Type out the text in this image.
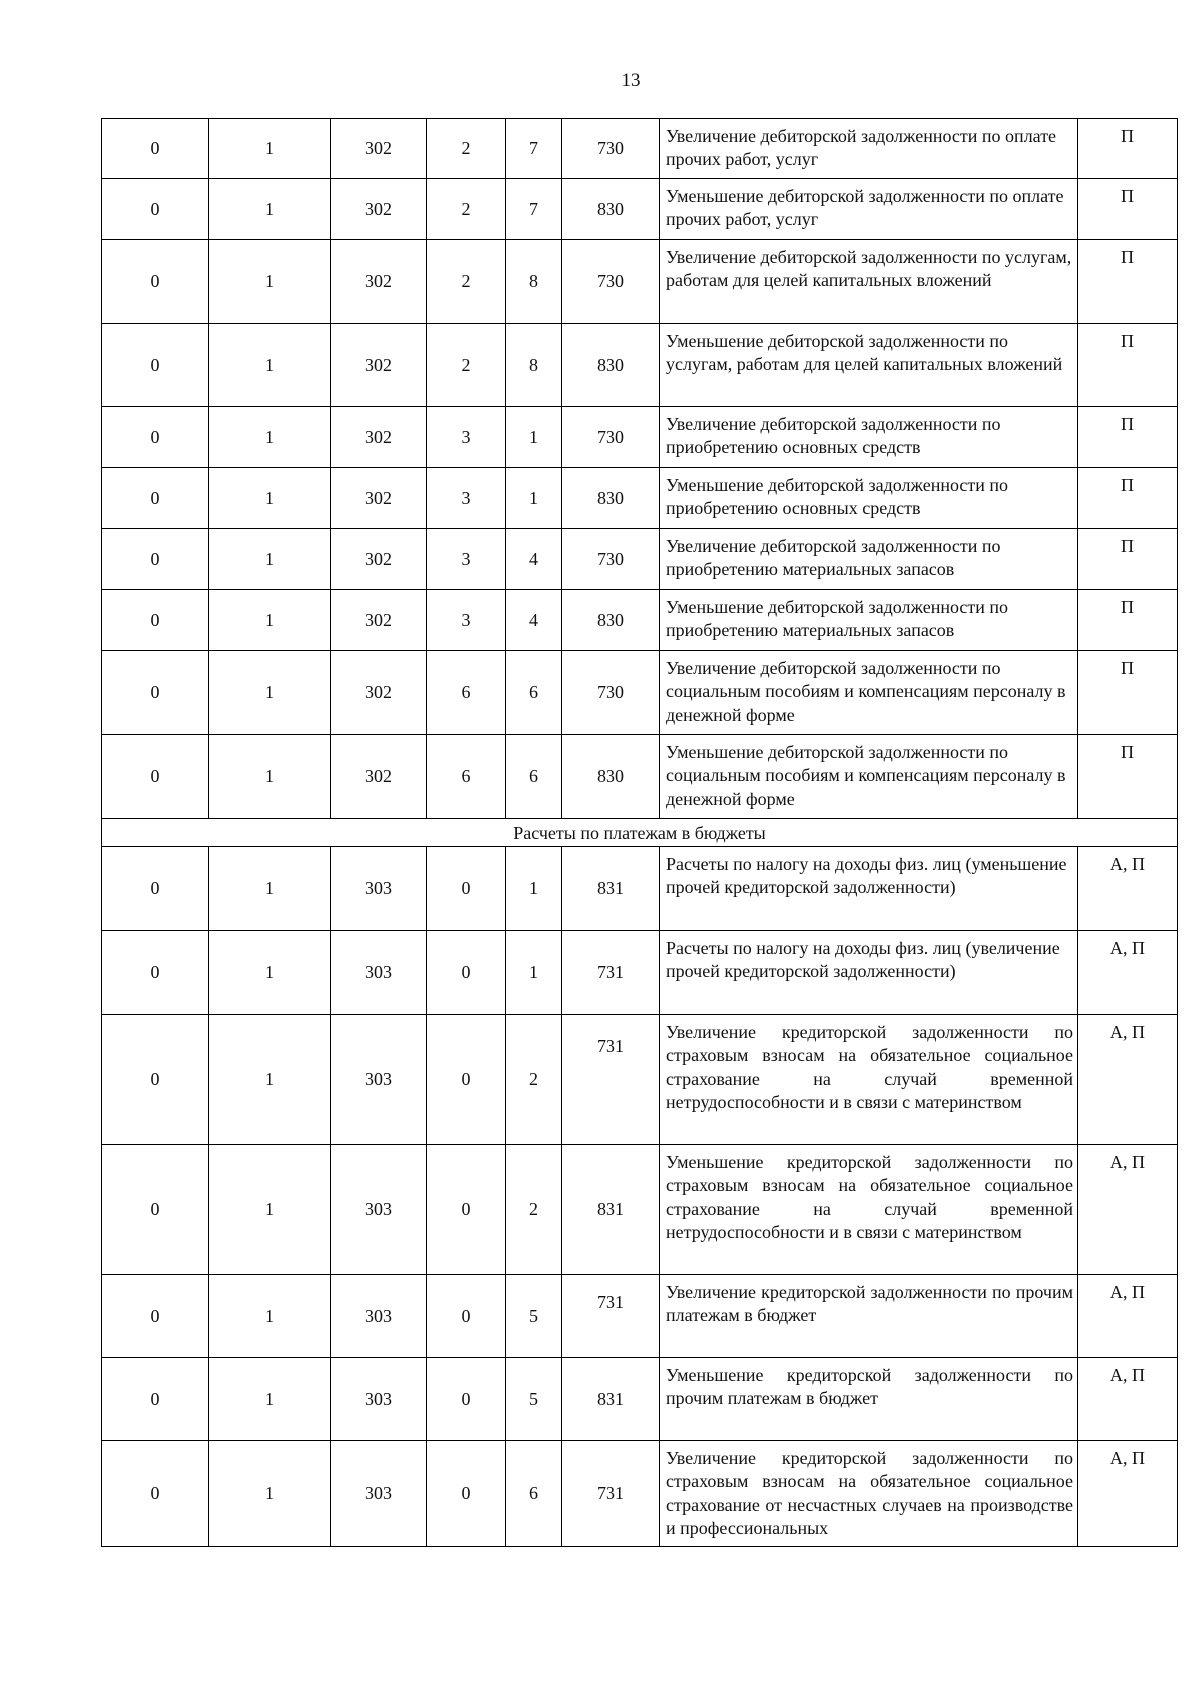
13
0	1	302	2	7	730	Увеличение дебиторской задолженности по оплате прочих работ, услуг	П
0	1	302	2	7	830	Уменьшение дебиторской задолженности по оплате прочих работ, услуг	П
0	1	302	2	8	730	Увеличение дебиторской задолженности по услугам, работам для целей капитальных вложений	П
0	1	302	2	8	830	Уменьшение дебиторской задолженности по услугам, работам для целей капитальных вложений	П
0	1	302	3	1	730	Увеличение дебиторской задолженности по приобретению основных средств	П
0	1	302	3	1	830	Уменьшение дебиторской задолженности по приобретению основных средств	П
0	1	302	3	4	730	Увеличение дебиторской задолженности по приобретению материальных запасов	П
0	1	302	3	4	830	Уменьшение дебиторской задолженности по приобретению материальных запасов	П
0	1	302	6	6	730	Увеличение дебиторской задолженности по социальным пособиям и компенсациям персоналу в денежной форме	П
0	1	302	6	6	830	Уменьшение дебиторской задолженности по социальным пособиям и компенсациям персоналу в денежной форме	П
Расчеты по платежам в бюджеты							
0	1	303	0	1	831	Расчеты по налогу на доходы физ. лиц (уменьшение прочей кредиторской задолженности)	А, П
0	1	303	0	1	731	Расчеты по налогу на доходы физ. лиц (увеличение прочей кредиторской задолженности)	А, П
0	1	303	0	2	731	Увеличение кредиторской задолженности по страховым взносам на обязательное социальное страхование на случай временной нетрудоспособности и в связи с материнством	А, П
0	1	303	0	2	831	Уменьшение кредиторской задолженности по страховым взносам на обязательное социальное страхование на случай временной нетрудоспособности и в связи с материнством	А, П
0	1	303	0	5	731	Увеличение кредиторской задолженности по прочим платежам в бюджет	А, П
0	1	303	0	5	831	Уменьшение кредиторской задолженности по прочим платежам в бюджет	А, П
0	1	303	0	6	731	Увеличение кредиторской задолженности по страховым взносам на обязательное социальное страхование от несчастных случаев на производстве и профессиональных	А, П
